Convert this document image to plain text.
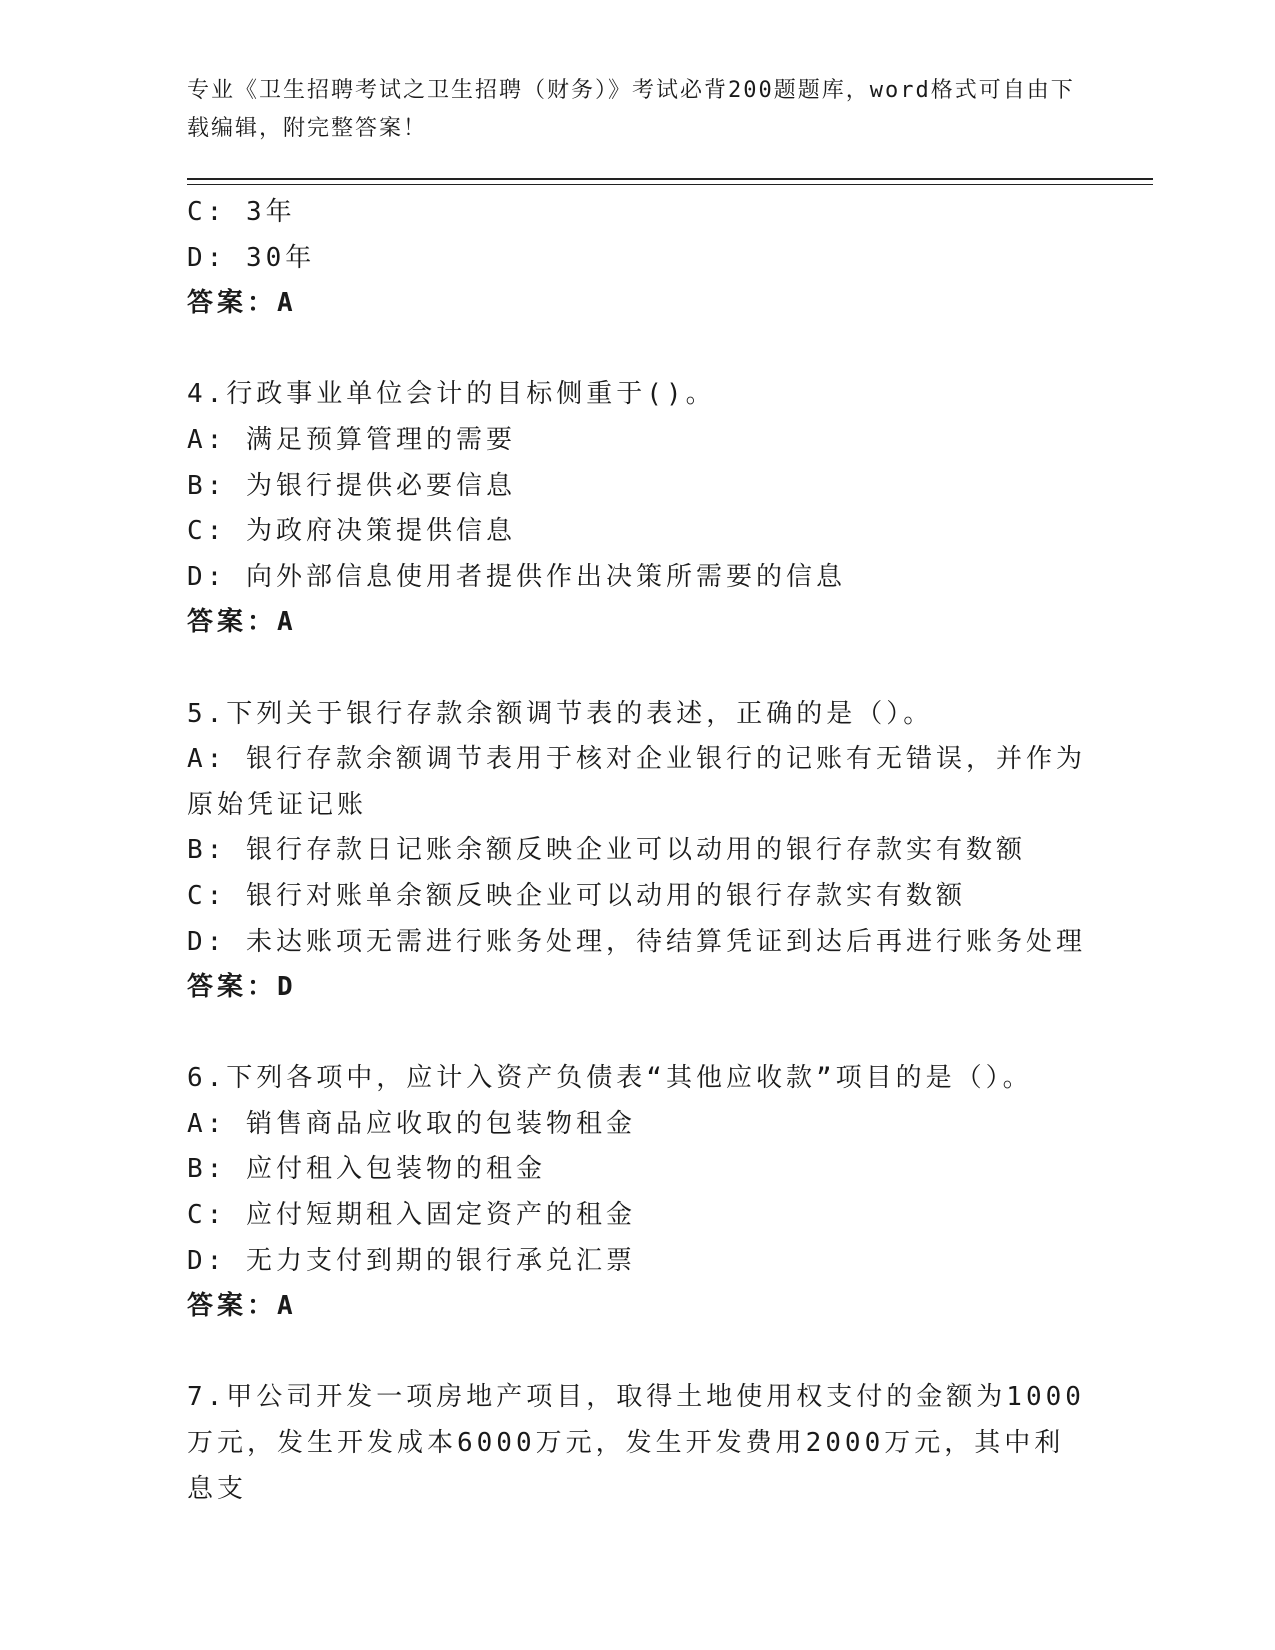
专业《卫生招聘考试之卫生招聘（财务）》考试必背200题题库，word格式可自由下载编辑，附完整答案！
C: 3年
D: 30年
答案：A
4.行政事业单位会计的目标侧重于()。
A: 满足预算管理的需要
B: 为银行提供必要信息
C: 为政府决策提供信息
D: 向外部信息使用者提供作出决策所需要的信息
答案：A
5.下列关于银行存款余额调节表的表述，正确的是（）。
A: 银行存款余额调节表用于核对企业银行的记账有无错误，并作为原始凭证记账
B: 银行存款日记账余额反映企业可以动用的银行存款实有数额
C: 银行对账单余额反映企业可以动用的银行存款实有数额
D: 未达账项无需进行账务处理，待结算凭证到达后再进行账务处理
答案：D
6.下列各项中，应计入资产负债表“其他应收款”项目的是（）。
A: 销售商品应收取的包装物租金
B: 应付租入包装物的租金
C: 应付短期租入固定资产的租金
D: 无力支付到期的银行承兑汇票
答案：A
7.甲公司开发一项房地产项目，取得土地使用权支付的金额为1000万元，发生开发成本6000万元，发生开发费用2000万元，其中利息支
